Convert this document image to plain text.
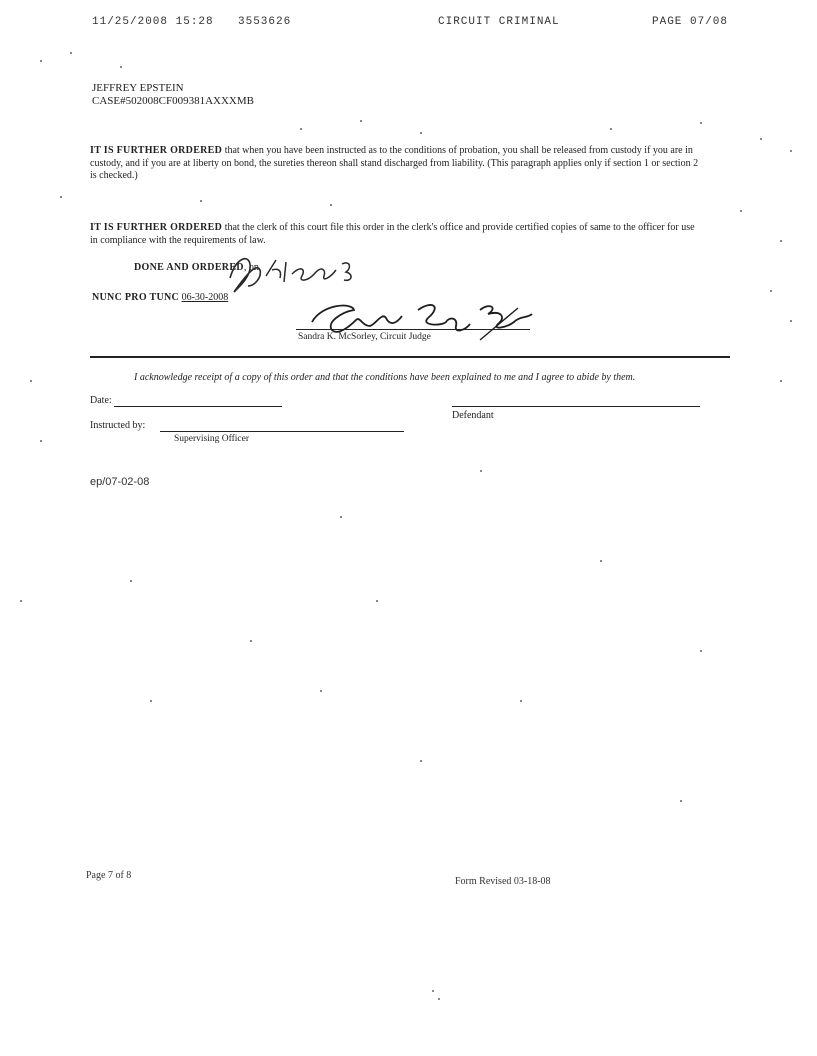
11/25/2008 15:28 3553626	CIRCUIT CRIMINAL	PAGE 07/08
JEFFREY EPSTEIN
CASE#502008CF009381AXXXMB
IT IS FURTHER ORDERED that when you have been instructed as to the conditions of probation, you shall be released from custody if you are in custody, and if you are at liberty on bond, the sureties thereon shall stand discharged from liability. (This paragraph applies only if section 1 or section 2 is checked.)
IT IS FURTHER ORDERED that the clerk of this court file this order in the clerk's office and provide certified copies of same to the officer for use in compliance with the requirements of law.
DONE AND ORDERED, on
NUNC PRO TUNC 06-30-2008
Sandra K. McSorley, Circuit Judge
I acknowledge receipt of a copy of this order and that the conditions have been explained to me and I agree to abide by them.
Date:
Defendant
Instructed by:
Supervising Officer
ep/07-02-08
Page 7 of 8
Form Revised 03-18-08
